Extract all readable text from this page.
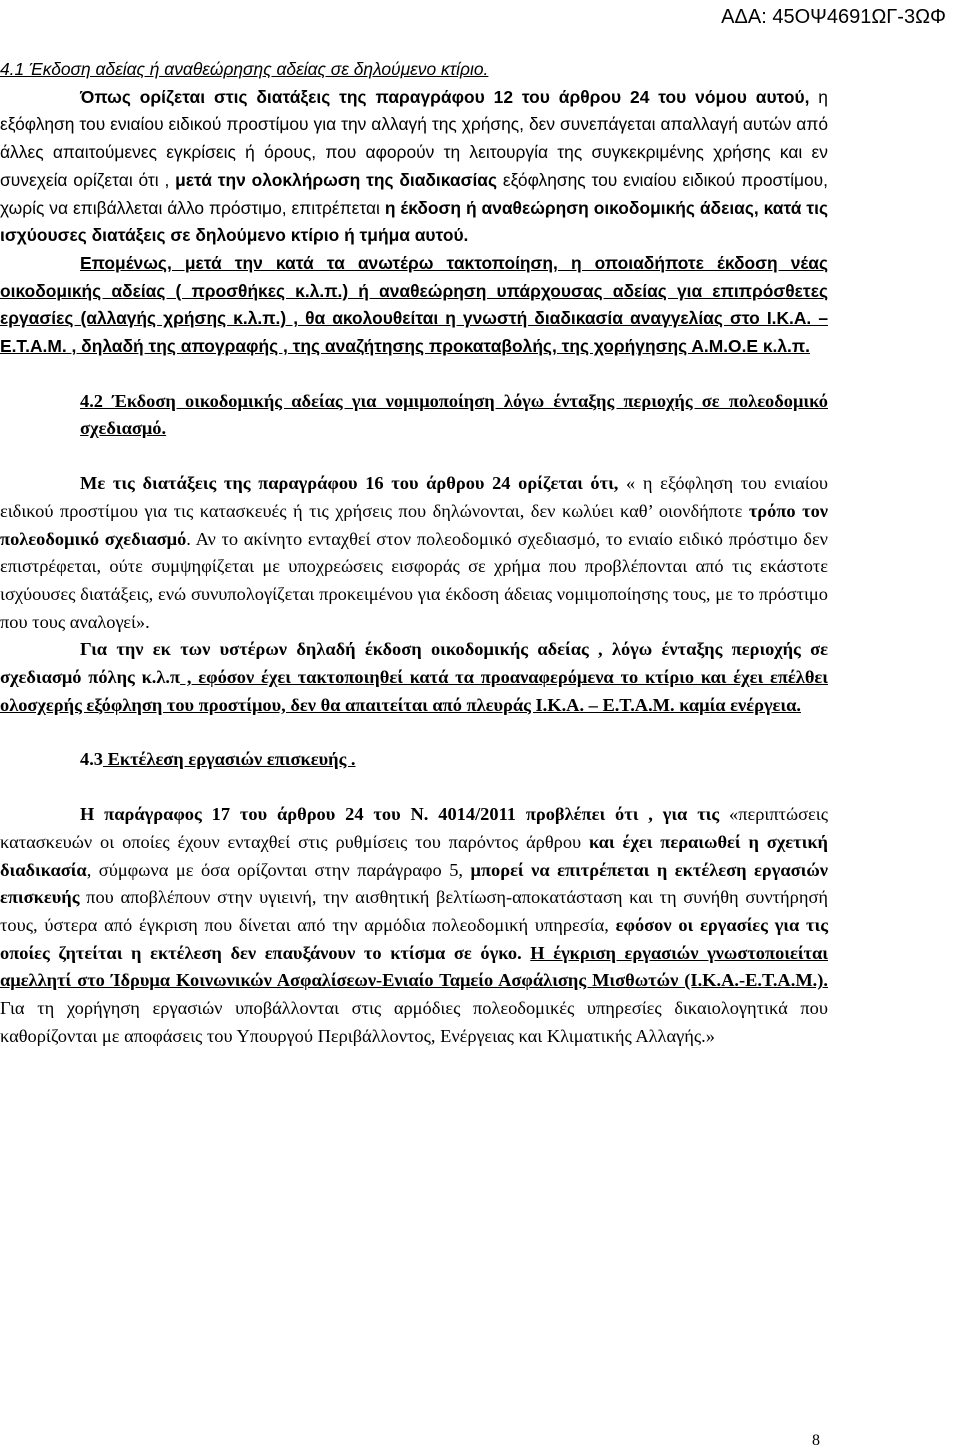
ΑΔΑ: 45ΟΨ4691ΩΓ-3ΩΦ

4.1 Έκδοση αδείας ή αναθεώρησης αδείας σε δηλούμενο κτίριο.

Όπως ορίζεται στις διατάξεις της παραγράφου 12 του άρθρου 24 του νόμου αυτού, η εξόφληση του ενιαίου ειδικού προστίμου για την αλλαγή της χρήσης, δεν συνεπάγεται απαλλαγή αυτών από άλλες απαιτούμενες εγκρίσεις ή όρους, που αφορούν τη λειτουργία της συγκεκριμένης χρήσης και εν συνεχεία ορίζεται ότι , μετά την ολοκλήρωση της διαδικασίας εξόφλησης του ενιαίου ειδικού προστίμου, χωρίς να επιβάλλεται άλλο πρόστιμο, επιτρέπεται η έκδοση ή αναθεώρηση οικοδομικής άδειας, κατά τις ισχύουσες διατάξεις σε δηλούμενο κτίριο ή τμήμα αυτού.

Επομένως, μετά την κατά τα ανωτέρω τακτοποίηση, η οποιαδήποτε έκδοση νέας οικοδομικής αδείας ( προσθήκες κ.λ.π.) ή αναθεώρηση υπάρχουσας αδείας για επιπρόσθετες εργασίες (αλλαγής χρήσης κ.λ.π.) , θα ακολουθείται η γνωστή διαδικασία αναγγελίας στο Ι.Κ.Α. – Ε.Τ.Α.Μ. , δηλαδή της απογραφής , της αναζήτησης προκαταβολής, της χορήγησης Α.Μ.Ο.Ε κ.λ.π.

4.2 Έκδοση οικοδομικής αδείας για νομιμοποίηση λόγω ένταξης περιοχής σε πολεοδομικό σχεδιασμό.

Με τις διατάξεις της παραγράφου 16 του άρθρου 24 ορίζεται ότι, « η εξόφληση του ενιαίου ειδικού προστίμου για τις κατασκευές ή τις χρήσεις που δηλώνονται, δεν κωλύει καθ’ οιονδήποτε τρόπο τον πολεοδομικό σχεδιασμό. Αν το ακίνητο ενταχθεί στον πολεοδομικό σχεδιασμό, το ενιαίο ειδικό πρόστιμο δεν επιστρέφεται, ούτε συμψηφίζεται με υποχρεώσεις εισφοράς σε χρήμα που προβλέπονται από τις εκάστοτε ισχύουσες διατάξεις, ενώ συνυπολογίζεται προκειμένου για έκδοση άδειας νομιμοποίησης τους, με το πρόστιμο που τους αναλογεί».

Για την εκ των υστέρων δηλαδή έκδοση οικοδομικής αδείας , λόγω ένταξης περιοχής σε σχεδιασμό πόλης κ.λ.π , εφόσον έχει τακτοποιηθεί κατά τα προαναφερόμενα το κτίριο και έχει επέλθει ολοσχερής εξόφληση του προστίμου, δεν θα απαιτείται από πλευράς Ι.Κ.Α. – Ε.Τ.Α.Μ. καμία ενέργεια.

4.3 Εκτέλεση εργασιών επισκευής .

Η παράγραφος 17 του άρθρου 24 του Ν. 4014/2011 προβλέπει ότι , για τις «περιπτώσεις κατασκευών οι οποίες έχουν ενταχθεί στις ρυθμίσεις του παρόντος άρθρου και έχει περαιωθεί η σχετική διαδικασία, σύμφωνα με όσα ορίζονται στην παράγραφο 5, μπορεί να επιτρέπεται η εκτέλεση εργασιών επισκευής που αποβλέπουν στην υγιεινή, την αισθητική βελτίωση-αποκατάσταση και τη συνήθη συντήρησή τους, ύστερα από έγκριση που δίνεται από την αρμόδια πολεοδομική υπηρεσία, εφόσον οι εργασίες για τις οποίες ζητείται η εκτέλεση δεν επαυξάνουν το κτίσμα σε όγκο. Η έγκριση εργασιών γνωστοποιείται αμελλητί στο Ίδρυμα Κοινωνικών Ασφαλίσεων-Ενιαίο Ταμείο Ασφάλισης Μισθωτών (Ι.Κ.Α.-Ε.Τ.Α.Μ.). Για τη χορήγηση εργασιών υποβάλλονται στις αρμόδιες πολεοδομικές υπηρεσίες δικαιολογητικά που καθορίζονται με αποφάσεις του Υπουργού Περιβάλλοντος, Ενέργειας και Κλιματικής Αλλαγής.»

8
